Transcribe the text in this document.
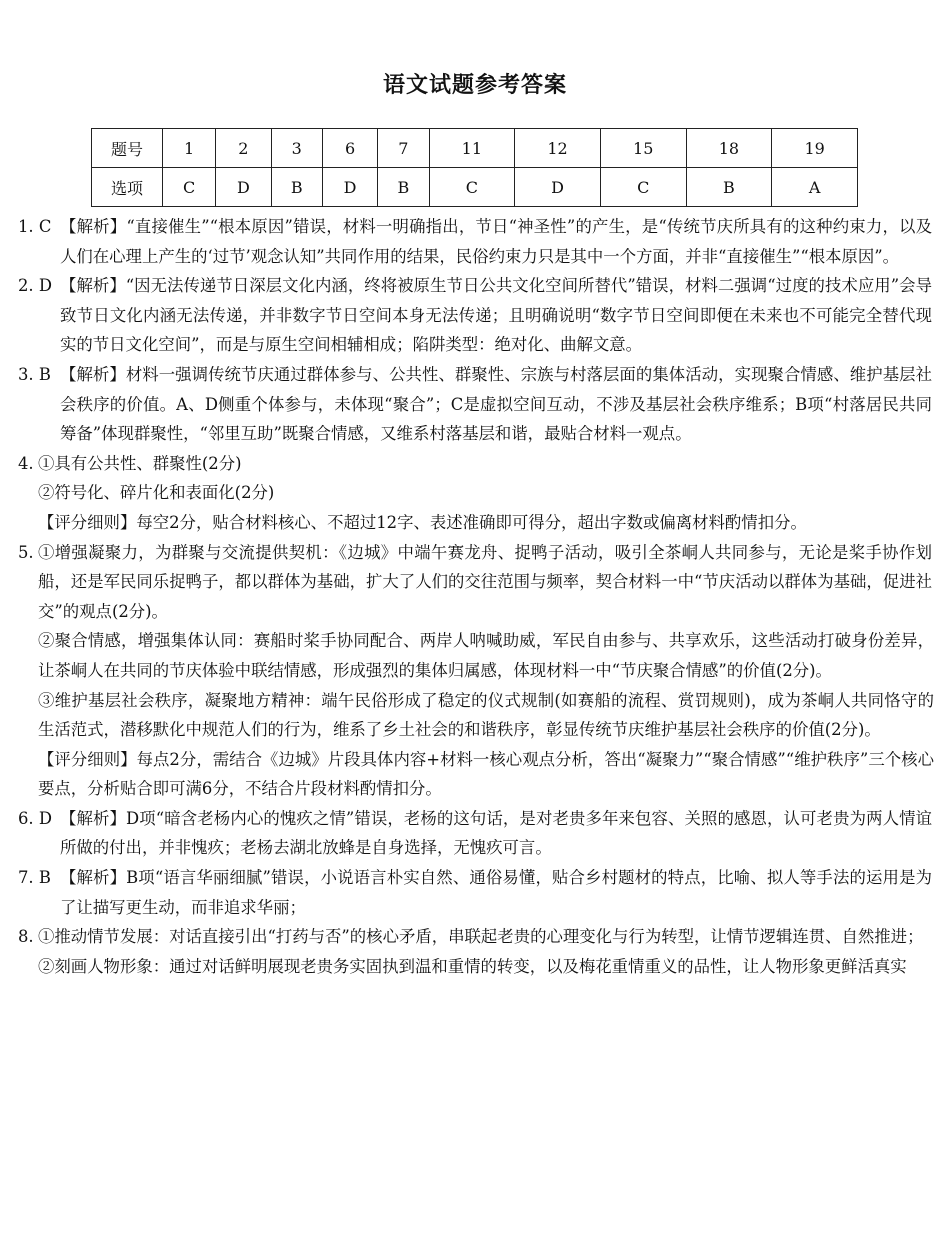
语文试题参考答案
题号	1	2	3	6	7	11	12	15	18	19
选项	C	D	B	D	B	C	D	C	B	A
1. C 【解析】“直接催生”“根本原因”错误，材料一明确指出，节日“神圣性”的产生，是“传统节庆所具有的这种约束力，以及人们在心理上产生的‘过节’观念认知”共同作用的结果，民俗约束力只是其中一个方面，并非“直接催生”“根本原因”。
2. D 【解析】“因无法传递节日深层文化内涵，终将被原生节日公共文化空间所替代”错误，材料二强调“过度的技术应用”会导致节日文化内涵无法传递，并非数字节日空间本身无法传递；且明确说明“数字节日空间即便在未来也不可能完全替代现实的节日文化空间”，而是与原生空间相辅相成；陷阱类型：绝对化、曲解文意。
3. B 【解析】材料一强调传统节庆通过群体参与、公共性、群聚性、宗族与村落层面的集体活动，实现聚合情感、维护基层社会秩序的价值。A、D侧重个体参与，未体现“聚合”；C是虚拟空间互动，不涉及基层社会秩序维系；B项“村落居民共同筹备”体现群聚性，“邻里互助”既聚合情感，又维系村落基层和谐，最贴合材料一观点。
4. ①具有公共性、群聚性(2分)
②符号化、碎片化和表面化(2分)
【评分细则】每空2分，贴合材料核心、不超过12字、表述准确即可得分，超出字数或偏离材料酌情扣分。
5. ①增强凝聚力，为群聚与交流提供契机：《边城》中端午赛龙舟、捉鸭子活动，吸引全茶峒人共同参与，无论是桨手协作划船，还是军民同乐捉鸭子，都以群体为基础，扩大了人们的交往范围与频率，契合材料一中“节庆活动以群体为基础，促进社交”的观点(2分)。
②聚合情感，增强集体认同：赛船时桨手协同配合、两岸人呐喊助威，军民自由参与、共享欢乐，这些活动打破身份差异，让茶峒人在共同的节庆体验中联结情感，形成强烈的集体归属感，体现材料一中“节庆聚合情感”的价值(2分)。
③维护基层社会秩序，凝聚地方精神：端午民俗形成了稳定的仪式规制(如赛船的流程、赏罚规则)，成为茶峒人共同恪守的生活范式，潜移默化中规范人们的行为，维系了乡土社会的和谐秩序，彰显传统节庆维护基层社会秩序的价值(2分)。
【评分细则】每点2分，需结合《边城》片段具体内容+材料一核心观点分析，答出“凝聚力”“聚合情感”“维护秩序”三个核心要点，分析贴合即可满6分，不结合片段材料酌情扣分。
6. D 【解析】D项“暗含老杨内心的愧疚之情”错误，老杨的这句话，是对老贵多年来包容、关照的感恩，认可老贵为两人情谊所做的付出，并非愧疚；老杨去湖北放蜂是自身选择，无愧疚可言。
7. B 【解析】B项“语言华丽细腻”错误，小说语言朴实自然、通俗易懂，贴合乡村题材的特点，比喻、拟人等手法的运用是为了让描写更生动，而非追求华丽；
8. ①推动情节发展：对话直接引出“打药与否”的核心矛盾，串联起老贵的心理变化与行为转型，让情节逻辑连贯、自然推进；
②刻画人物形象：通过对话鲜明展现老贵务实固执到温和重情的转变，以及梅花重情重义的品性，让人物形象更鲜活真实
